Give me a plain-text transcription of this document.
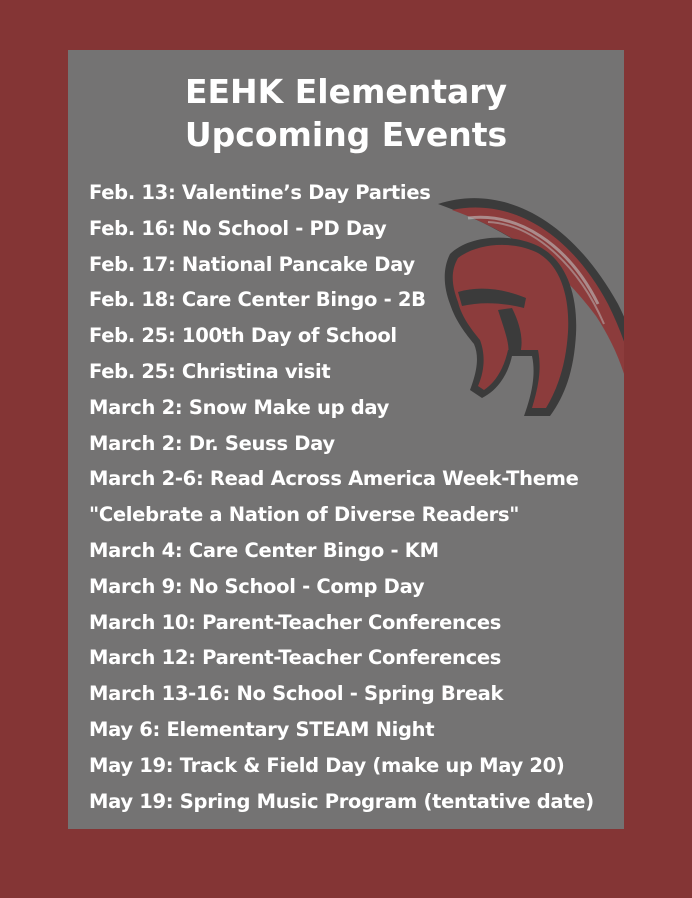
EEHK Elementary
Upcoming Events
Feb. 13: Valentine’s Day Parties
Feb. 16: No School - PD Day
Feb. 17: National Pancake Day
Feb. 18: Care Center Bingo - 2B
Feb. 25: 100th Day of School
Feb. 25: Christina visit
March 2: Snow Make up day
March 2: Dr. Seuss Day
March 2-6: Read Across America Week-Theme
"Celebrate a Nation of Diverse Readers"
March 4: Care Center Bingo - KM
March 9: No School - Comp Day
March 10: Parent-Teacher Conferences
March 12: Parent-Teacher Conferences
March 13-16: No School - Spring Break
May 6: Elementary STEAM Night
May 19: Track & Field Day (make up May 20)
May 19: Spring Music Program (tentative date)
